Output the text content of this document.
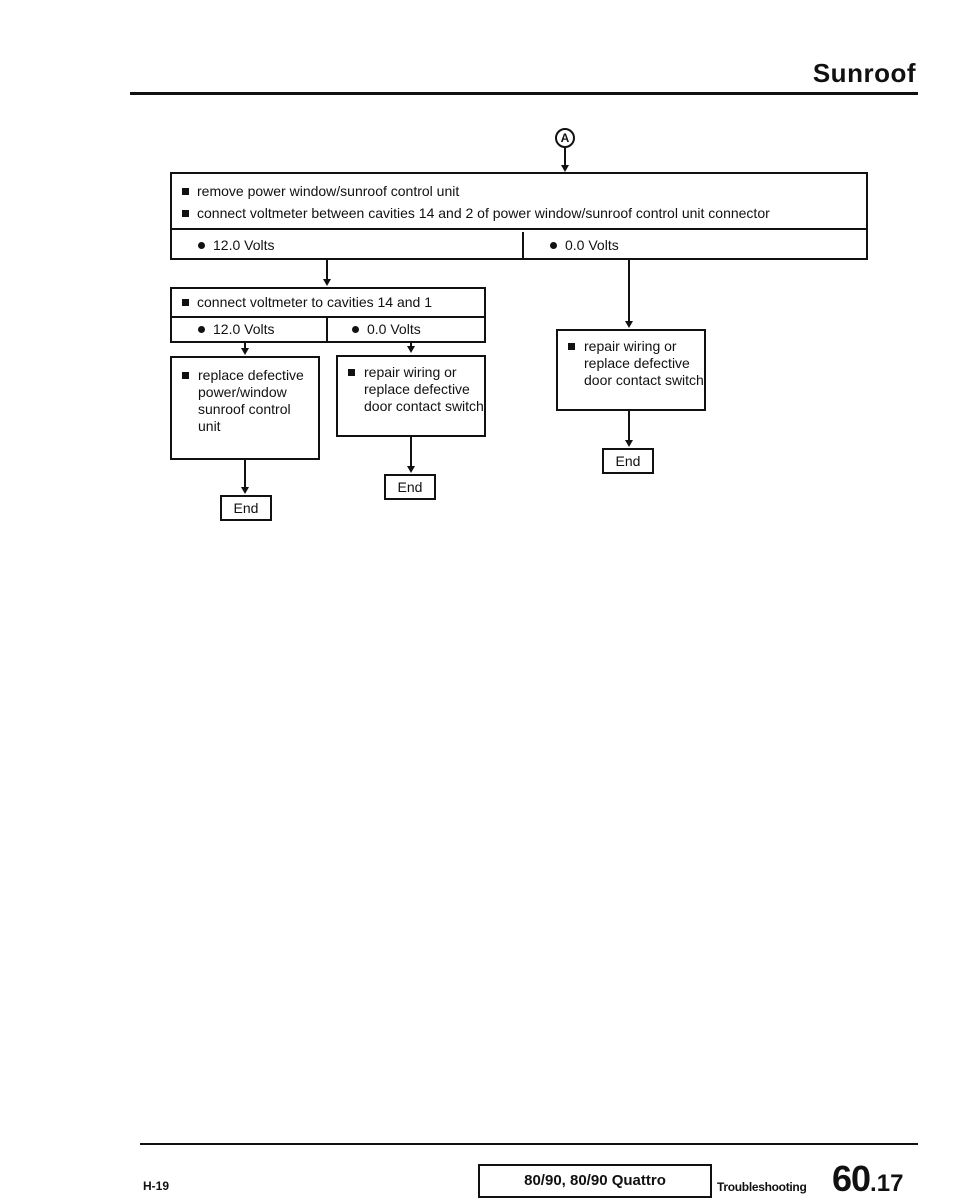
Sunroof
A
remove power window/sunroof control unit
connect voltmeter between cavities 14 and 2 of power window/sunroof control unit connector
12.0 Volts	0.0 Volts
connect voltmeter to cavities 14 and 1
12.0 Volts	0.0 Volts
replace defective power/window sunroof control unit
repair wiring or replace defective door contact switch
repair wiring or replace defective door contact switch
End
End
End
H-19	80/90, 80/90 Quattro	Troubleshooting 60.17
